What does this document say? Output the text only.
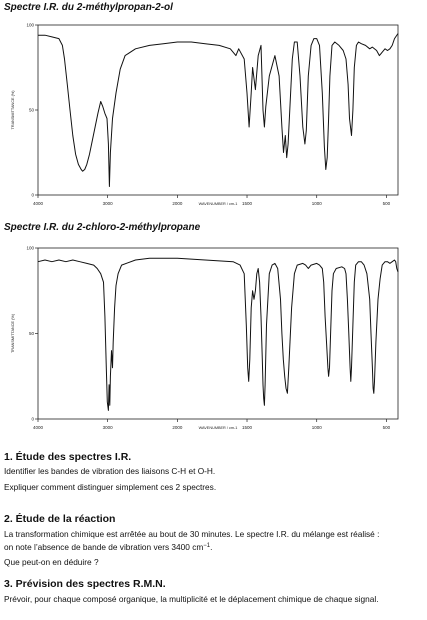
Spectre I.R. du 2-méthylpropan-2-ol
4000	3000	2000	1500	1000	500
0
50
100
WAVENUMBER / cm-1
TRANSMITTANCE (%)
Spectre I.R. du 2-chloro-2-méthylpropane
4000	3000	2000	1500	1000	500
0
50
100
WAVENUMBER / cm-1
TRANSMITTANCE (%)
1. Étude des spectres I.R.
Identifier les bandes de vibration des liaisons C-H et O-H.
Expliquer comment distinguer simplement ces 2 spectres.
2. Étude de la réaction
La transformation chimique est arrêtée au bout de 30 minutes. Le spectre I.R. du mélange est réalisé :
on note l’absence de bande de vibration vers 3400 $cm^{-1}$.
Que peut-on en déduire ?
3. Prévision des spectres R.M.N.
Prévoir, pour chaque composé organique, la multiplicité et le déplacement chimique de chaque signal.
